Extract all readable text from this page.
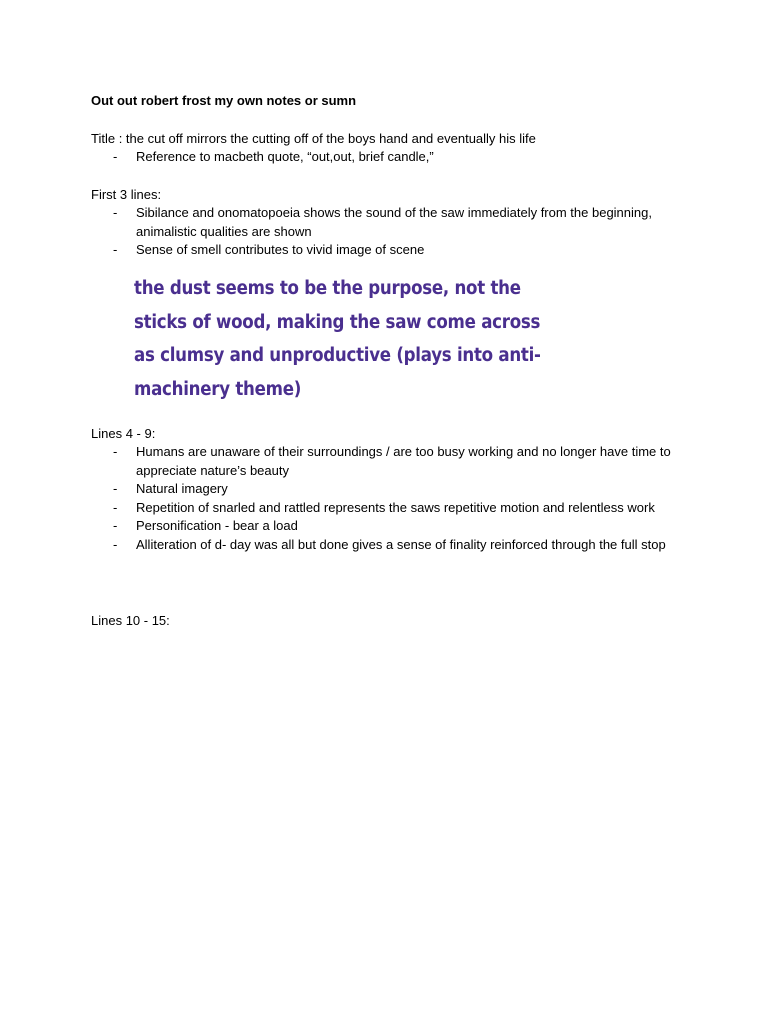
Out out robert frost my own notes or sumn
Title : the cut off mirrors the cutting off of the boys hand and eventually his life
- Reference to macbeth quote, “out,out, brief candle,”
First 3 lines:
- Sibilance and onomatopoeia shows the sound of the saw immediately from the beginning, animalistic qualities are shown
- Sense of smell contributes to vivid image of scene
the dust seems to be the purpose, not the
sticks of wood, making the saw come across
as clumsy and unproductive (plays into anti-
machinery theme)
Lines 4 - 9:
- Humans are unaware of their surroundings / are too busy working and no longer have time to appreciate nature’s beauty
- Natural imagery
- Repetition of snarled and rattled represents the saws repetitive motion and relentless work
- Personification - bear a load
- Alliteration of d- day was all but done gives a sense of finality reinforced through the full stop
Lines 10 - 15:
